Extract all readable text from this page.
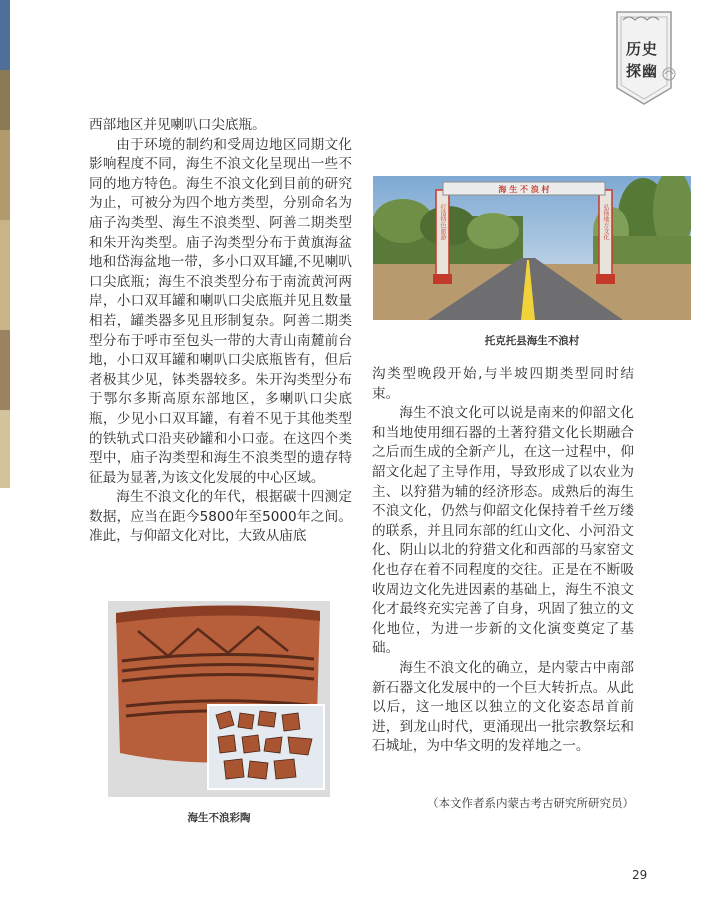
历史探幽

西部地区并见喇叭口尖底瓶。

由于环境的制约和受周边地区同期文化影响程度不同，海生不浪文化呈现出一些不同的地方特色。海生不浪文化到目前的研究为止，可被分为四个地方类型，分别命名为庙子沟类型、海生不浪类型、阿善二期类型和朱开沟类型。庙子沟类型分布于黄旗海盆地和岱海盆地一带，多小口双耳罐,不见喇叭口尖底瓶；海生不浪类型分布于南流黄河两岸，小口双耳罐和喇叭口尖底瓶并见且数量相若，罐类器多见且形制复杂。阿善二期类型分布于呼市至包头一带的大青山南麓前台地，小口双耳罐和喇叭口尖底瓶皆有，但后者极其少见，钵类器较多。朱开沟类型分布于鄂尔多斯高原东部地区，多喇叭口尖底瓶，少见小口双耳罐，有着不见于其他类型的铁轨式口沿夹砂罐和小口壶。在这四个类型中，庙子沟类型和海生不浪类型的遗存特征最为显著,为该文化发展的中心区域。

海生不浪文化的年代，根据碳十四测定数据，应当在距今5800年至5000年之间。准此，与仰韶文化对比，大致从庙底

海 生 不 浪 村
打造特色旅游	弘扬地方文化
托克托县海生不浪村

沟类型晚段开始,与半坡四期类型同时结束。

海生不浪文化可以说是南来的仰韶文化和当地使用细石器的土著狩猎文化长期融合之后而生成的全新产儿，在这一过程中，仰韶文化起了主导作用，导致形成了以农业为主、以狩猎为辅的经济形态。成熟后的海生不浪文化，仍然与仰韶文化保持着千丝万缕的联系，并且同东部的红山文化、小河沿文化、阴山以北的狩猎文化和西部的马家窑文化也存在着不同程度的交往。正是在不断吸收周边文化先进因素的基础上，海生不浪文化才最终充实完善了自身，巩固了独立的文化地位，为进一步新的文化演变奠定了基础。

海生不浪文化的确立，是内蒙古中南部新石器文化发展中的一个巨大转折点。从此以后，这一地区以独立的文化姿态昂首前进，到龙山时代，更涌现出一批宗教祭坛和石城址，为中华文明的发祥地之一。

（本文作者系内蒙古考古研究所研究员）
海生不浪彩陶
29
